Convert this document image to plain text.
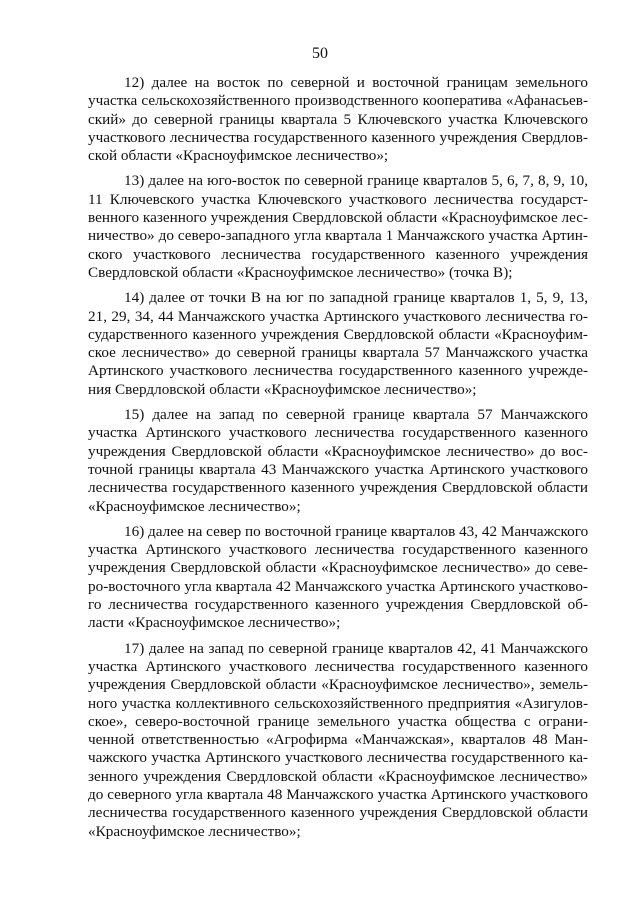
50
12) далее на восток по северной и восточной границам земельного
участка сельскохозяйственного производственного кооператива «Афанасьев-
ский» до северной границы квартала 5 Ключевского участка Ключевского
участкового лесничества государственного казенного учреждения Свердлов-
ской области «Красноуфимское лесничество»;
13) далее на юго-восток по северной границе кварталов 5, 6, 7, 8, 9, 10,
11 Ключевского участка Ключевского участкового лесничества государст-
венного казенного учреждения Свердловской области «Красноуфимское лес-
ничество» до северо-западного угла квартала 1 Манчажского участка Артин-
ского участкового лесничества государственного казенного учреждения
Свердловской области «Красноуфимское лесничество» (точка В);
14) далее от точки В на юг по западной границе кварталов 1, 5, 9, 13,
21, 29, 34, 44 Манчажского участка Артинского участкового лесничества го-
сударственного казенного учреждения Свердловской области «Красноуфим-
ское лесничество» до северной границы квартала 57 Манчажского участка
Артинского участкового лесничества государственного казенного учрежде-
ния Свердловской области «Красноуфимское лесничество»;
15) далее на запад по северной границе квартала 57 Манчажского
участка Артинского участкового лесничества государственного казенного
учреждения Свердловской области «Красноуфимское лесничество» до вос-
точной границы квартала 43 Манчажского участка Артинского участкового
лесничества государственного казенного учреждения Свердловской области
«Красноуфимское лесничество»;
16) далее на север по восточной границе кварталов 43, 42 Манчажского
участка Артинского участкового лесничества государственного казенного
учреждения Свердловской области «Красноуфимское лесничество» до севе-
ро-восточного угла квартала 42 Манчажского участка Артинского участково-
го лесничества государственного казенного учреждения Свердловской об-
ласти «Красноуфимское лесничество»;
17) далее на запад по северной границе кварталов 42, 41 Манчажского
участка Артинского участкового лесничества государственного казенного
учреждения Свердловской области «Красноуфимское лесничество», земель-
ного участка коллективного сельскохозяйственного предприятия «Азигулов-
ское», северо-восточной границе земельного участка общества с ограни-
ченной ответственностью «Агрофирма «Манчажская», кварталов 48 Ман-
чажского участка Артинского участкового лесничества государственного ка-
зенного учреждения Свердловской области «Красноуфимское лесничество»
до северного угла квартала 48 Манчажского участка Артинского участкового
лесничества государственного казенного учреждения Свердловской области
«Красноуфимское лесничество»;
